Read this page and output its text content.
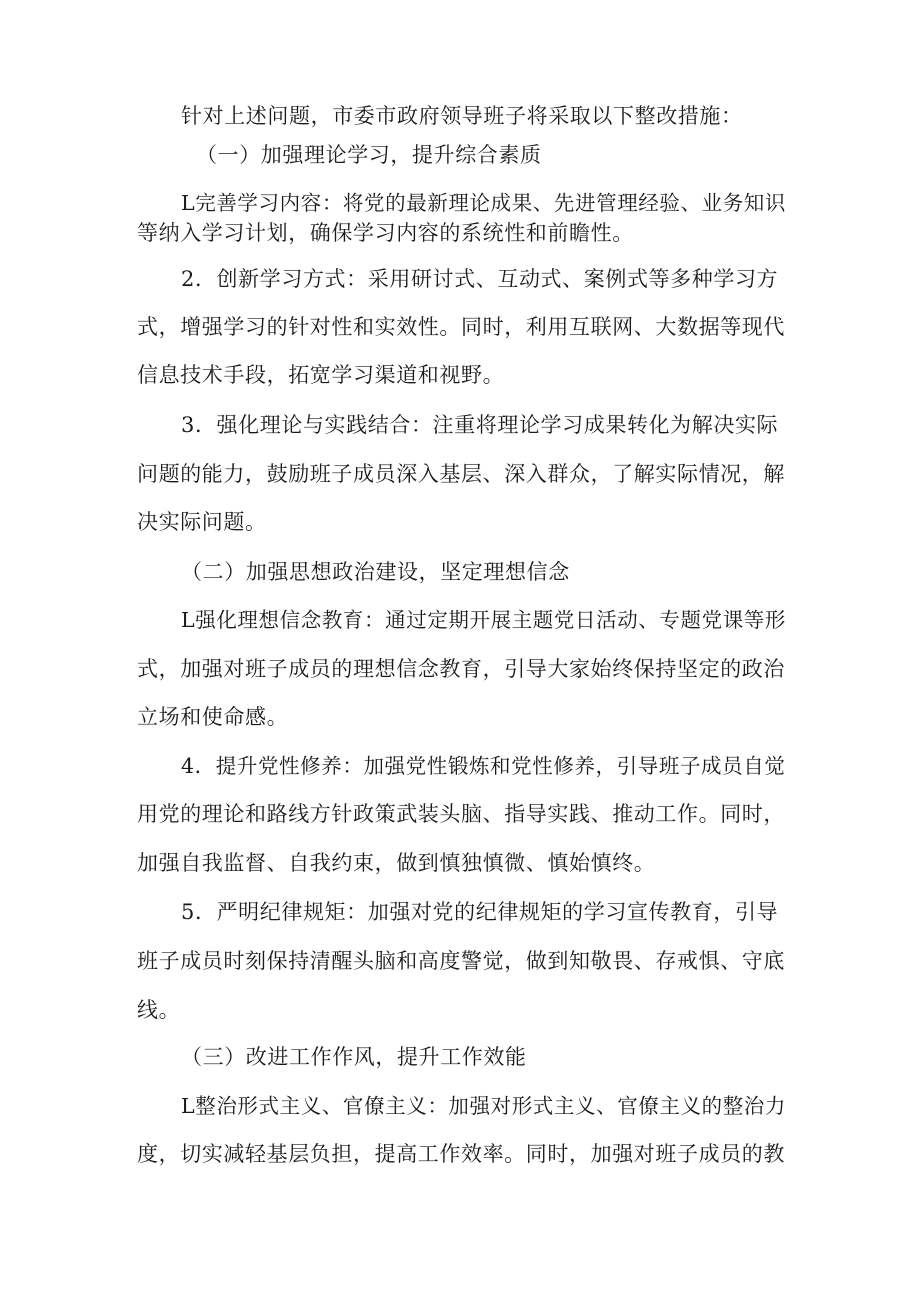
针对上述问题，市委市政府领导班子将采取以下整改措施：
（一）加强理论学习，提升综合素质
L完善学习内容：将党的最新理论成果、先进管理经验、业务知识
等纳入学习计划，确保学习内容的系统性和前瞻性。
2．创新学习方式：采用研讨式、互动式、案例式等多种学习方
式，增强学习的针对性和实效性。同时，利用互联网、大数据等现代
信息技术手段，拓宽学习渠道和视野。
3．强化理论与实践结合：注重将理论学习成果转化为解决实际
问题的能力，鼓励班子成员深入基层、深入群众，了解实际情况，解
决实际问题。
（二）加强思想政治建设，坚定理想信念
L强化理想信念教育：通过定期开展主题党日活动、专题党课等形
式，加强对班子成员的理想信念教育，引导大家始终保持坚定的政治
立场和使命感。
4．提升党性修养：加强党性锻炼和党性修养，引导班子成员自觉
用党的理论和路线方针政策武装头脑、指导实践、推动工作。同时，
加强自我监督、自我约束，做到慎独慎微、慎始慎终。
5．严明纪律规矩：加强对党的纪律规矩的学习宣传教育，引导
班子成员时刻保持清醒头脑和高度警觉，做到知敬畏、存戒惧、守底
线。
（三）改进工作作风，提升工作效能
L整治形式主义、官僚主义：加强对形式主义、官僚主义的整治力
度，切实减轻基层负担，提高工作效率。同时，加强对班子成员的教
